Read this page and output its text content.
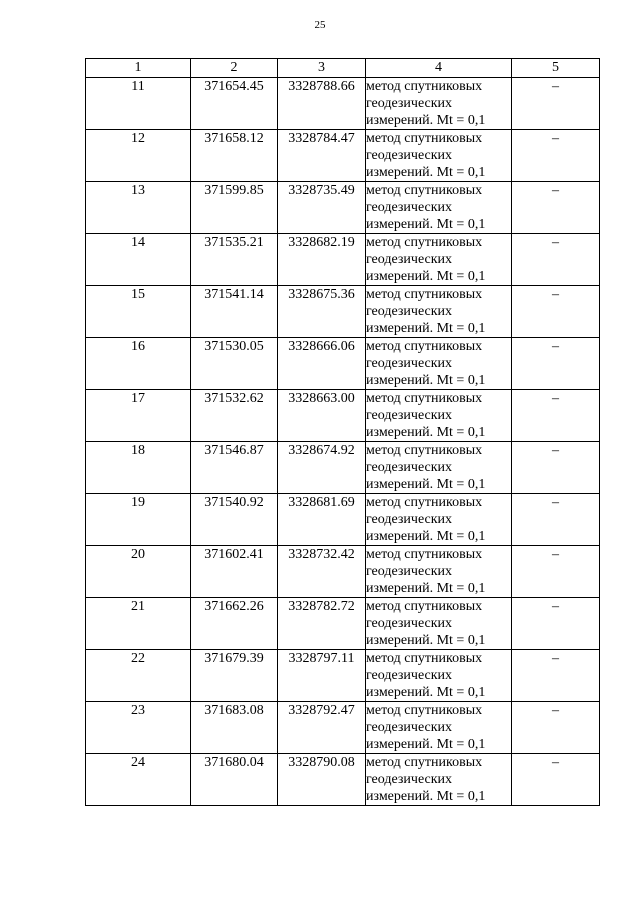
25
1	2	3	4	5
11	371654.45	3328788.66	метод спутниковых
геодезических
измерений. Mt = 0,1	–
12	371658.12	3328784.47	метод спутниковых
геодезических
измерений. Mt = 0,1	–
13	371599.85	3328735.49	метод спутниковых
геодезических
измерений. Mt = 0,1	–
14	371535.21	3328682.19	метод спутниковых
геодезических
измерений. Mt = 0,1	–
15	371541.14	3328675.36	метод спутниковых
геодезических
измерений. Mt = 0,1	–
16	371530.05	3328666.06	метод спутниковых
геодезических
измерений. Mt = 0,1	–
17	371532.62	3328663.00	метод спутниковых
геодезических
измерений. Mt = 0,1	–
18	371546.87	3328674.92	метод спутниковых
геодезических
измерений. Mt = 0,1	–
19	371540.92	3328681.69	метод спутниковых
геодезических
измерений. Mt = 0,1	–
20	371602.41	3328732.42	метод спутниковых
геодезических
измерений. Mt = 0,1	–
21	371662.26	3328782.72	метод спутниковых
геодезических
измерений. Mt = 0,1	–
22	371679.39	3328797.11	метод спутниковых
геодезических
измерений. Mt = 0,1	–
23	371683.08	3328792.47	метод спутниковых
геодезических
измерений. Mt = 0,1	–
24	371680.04	3328790.08	метод спутниковых
геодезических
измерений. Mt = 0,1	–
